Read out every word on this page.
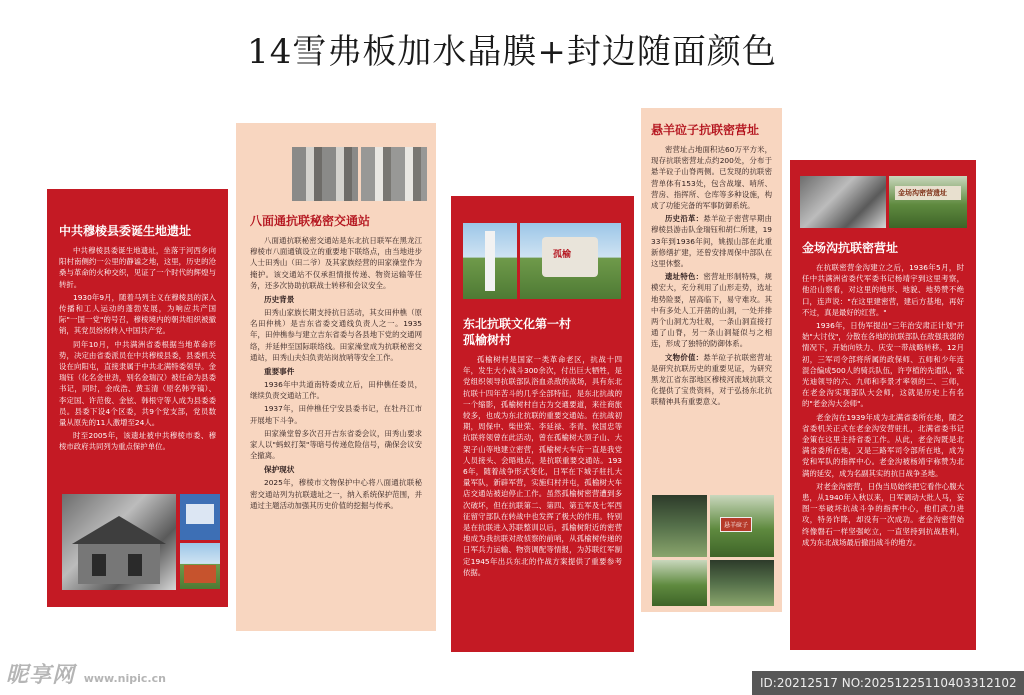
14雪弗板加水晶膜+封边随面颜色
中共穆棱县委诞生地遗址
中共穆棱县委诞生地遗址，坐落于河西乡向阳村南侧约一公里的静谧之地，这里，历史的沧桑与革命的火种交织，见证了一个时代的辉煌与转折。
1930年9月，随着马列主义在穆棱县的深入传播和工人运动的蓬勃发展，为响应共产国际"一国一党"的号召，穆棱境内的朝共组织被撤销，其党员纷纷转入中国共产党。
同年10月，中共满洲省委根据当地革命形势，决定由省委派员在中共穆棱县委，县委机关设在向阳屯，直接隶属于中共北满特委领导。金瑞钰（化名金世劲，别名金瑞汉）被任命为县委书记，同时，金成浩、黄玉清（原名韩亨镐）、李定国、许范俊、金铉、韩根守等人成为县委委员。县委下设4个区委，共9个党支部，党员数量从原先的11人激增至24人。
时至2005年，该遗址被中共穆棱市委、穆棱市政府共同列为重点保护单位。
八面通抗联秘密交通站
八面通抗联秘密交通站是东北抗日联军在黑龙江穆棱市八面通镇设立的重要地下联络点，由当地进步人士田秀山（田二爷）及其家族经营的田家澡堂作为掩护。该交通站不仅承担情报传递、物资运输等任务，还多次协助抗联战士转移和会议安全。
历史背景
田秀山家族长期支持抗日活动，其女田仲樵（原名田仲桃）是吉东省委交通线负责人之一。1935年，田仲樵参与建立吉东省委与各县地下党的交通网络，并延伸至国际联络线。田家澡堂成为抗联秘密交通站，田秀山夫妇负责站岗放哨等安全工作。
重要事件
1936年中共道南特委成立后，田仲樵任委员，继续负责交通站工作。
1937年，田仲樵任宁安县委书记，在牡丹江市开展地下斗争。
田家澡堂曾多次召开吉东省委会议，田秀山要求家人以"蚂蚁打架"等暗号传递危险信号，确保会议安全撤离。
保护现状
2025年，穆棱市文物保护中心将八面通抗联秘密交通站列为抗联遗址之一，纳入系统保护范围，并通过主题活动加强其历史价值的挖掘与传承。
东北抗联文化第一村
孤榆树村
孤榆树村是国家一类革命老区，抗战十四年，发生大小战斗300余次，付出巨大牺牲，是党组织领导抗联部队浴血杀敌的战场，具有东北抗联十四年苦斗的几乎全部特征，是东北抗战的一个缩影，孤榆树村自古为交通要道，来往商旅较多，也成为东北抗联的重要交通站。在抗战初期，周保中、柴世荣、李延禄、李青、侯国忠等抗联将领曾在此活动，曾在孤榆树大顶子山、大架子山等地建立密营，孤榆树大车店一直是我党人员接头、会晤地点，是抗联重要交通站。1936年，随着战争形式变化，日军在下城子驻扎大量军队，新辟军营，实施归村并屯，孤榆树大车店交通站被迫停止工作。虽然孤榆树密营遭到多次破坏，但在抗联第二、第四、第五军及七军西征留守部队在转战中也发挥了极大的作用。特别是在抗联进入苏联整训以后，孤榆树附近的密营地成为我抗联对敌侦察的前哨，从孤榆树传递的日军兵力运输、物资调配等情报，为苏联红军制定1945年出兵东北的作战方案提供了重要参考依据。
孤榆
悬羊砬子抗联密营址
密营址占地面积达60万平方米，现存抗联密营址点约200处，分布于悬羊砬子山脊两侧。已发现的抗联密营单体有153处，包含战壕、哨所、营房、指挥所、仓库等多种设施，构成了功能完备的军事防御系统。
历史沿革：悬羊砬子密营早期由穆棱县游击队金瑞钰和胡仁所建，1933年到1936年间，姚振山部在此重新修缮扩建，还曾安排周保中部队在这里休整。
遗址特色：密营址形制特殊，规模宏大，充分利用了山形走势，选址地势险要，居高临下，易守难攻。其中有多处人工开凿的山洞，一处并排两个山洞尤为壮观，一条山洞直接打通了山脊，另一条山洞疑似与之相连，形成了独特的防御体系。
文物价值：悬羊砬子抗联密营址是研究抗联历史的重要见证，为研究黑龙江省东部地区穆棱河流域抗联文化提供了宝贵资料，对于弘扬东北抗联精神具有重要意义。
悬羊砬子
金场沟抗联密营址
在抗联密营金沟建立之后，1936年5月，时任中共满洲省委代军委书记杨靖宇到这里考察，他沿山察看，对这里的地形、地貌、地势赞不绝口，连声说："在这里建密营，建后方基地，再好不过，真是最好的红营。"
1936年，日伪军提出"三年治安肃正计划"开始"大讨伐"，分散在各地的抗联部队在敌强我弱的情况下，开始向铁力、庆安一带战略转移。12月初，三军司令部将所属的政保师、五师和少年连混合编成500人的骑兵队伍，许亨植的先遣队，张光迪领导的六、九师和李景才率领的二、三师，在老金沟实现部队大会师，这就是历史上有名的"老金沟大会师"。
老金沟在1939年成为北满省委所在地，随之省委机关正式在老金沟安营驻扎，北满省委书记金策在这里主持省委工作。从此，老金沟既是北满省委所在地，又是三路军司令部所在地，成为党和军队的指挥中心。老金沟被杨靖宇称赞为北满的延安，成为名副其实的抗日战争圣地。
对老金沟密营，日伪当局始终把它看作心腹大患，从1940年入秋以来，日军调动大批人马，妄图一举破坏抗战斗争的指挥中心，他们武力进攻，特务诈降，却没有一次成功。老金沟密营始终像磐石一样坚强屹立，一直坚持到抗战胜利，成为东北战场最后撤出战斗的地方。
金场沟密营遗址
昵享网 www.nipic.cn	ID:20212517 NO:20251225110403312102
